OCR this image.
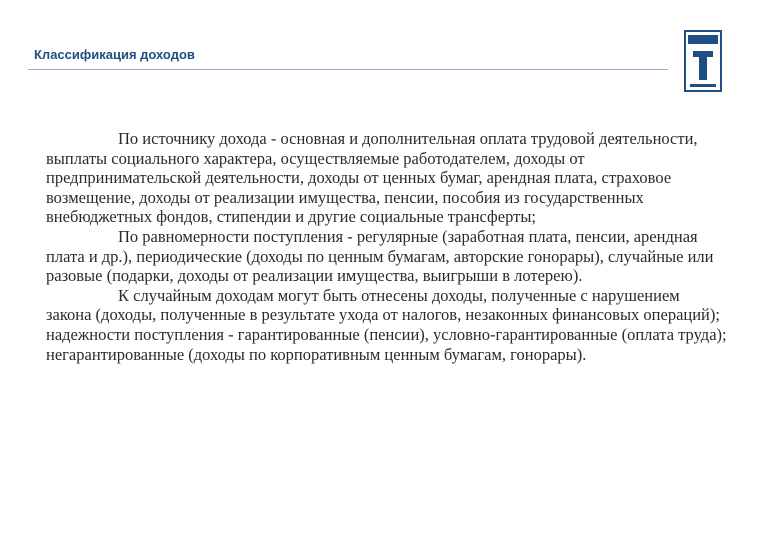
Классификация доходов

По источнику дохода - основная и дополнительная оплата трудовой деятельности, выплаты социального характера, осуществляемые работодателем, доходы от предпринимательской деятельности, доходы от ценных бумаг, арендная плата, страховое возмещение, доходы от реализации имущества, пенсии, пособия из государственных внебюджетных фондов, стипендии и другие социальные трансферты;

По равномерности поступления - регулярные (заработная плата, пенсии, арендная плата и др.), периодические (доходы по ценным бумагам, авторские гонорары), случайные или разовые (подарки, доходы от реализации имущества, выигрыши в лотерею).

К случайным доходам могут быть отнесены доходы, полученные с нарушением закона (доходы, полученные в результате ухода от налогов, незаконных финансовых операций); надежности поступления - гарантированные (пенсии), условно-гарантированные (оплата труда); негарантированные (доходы по корпоративным ценным бумагам, гонорары).
